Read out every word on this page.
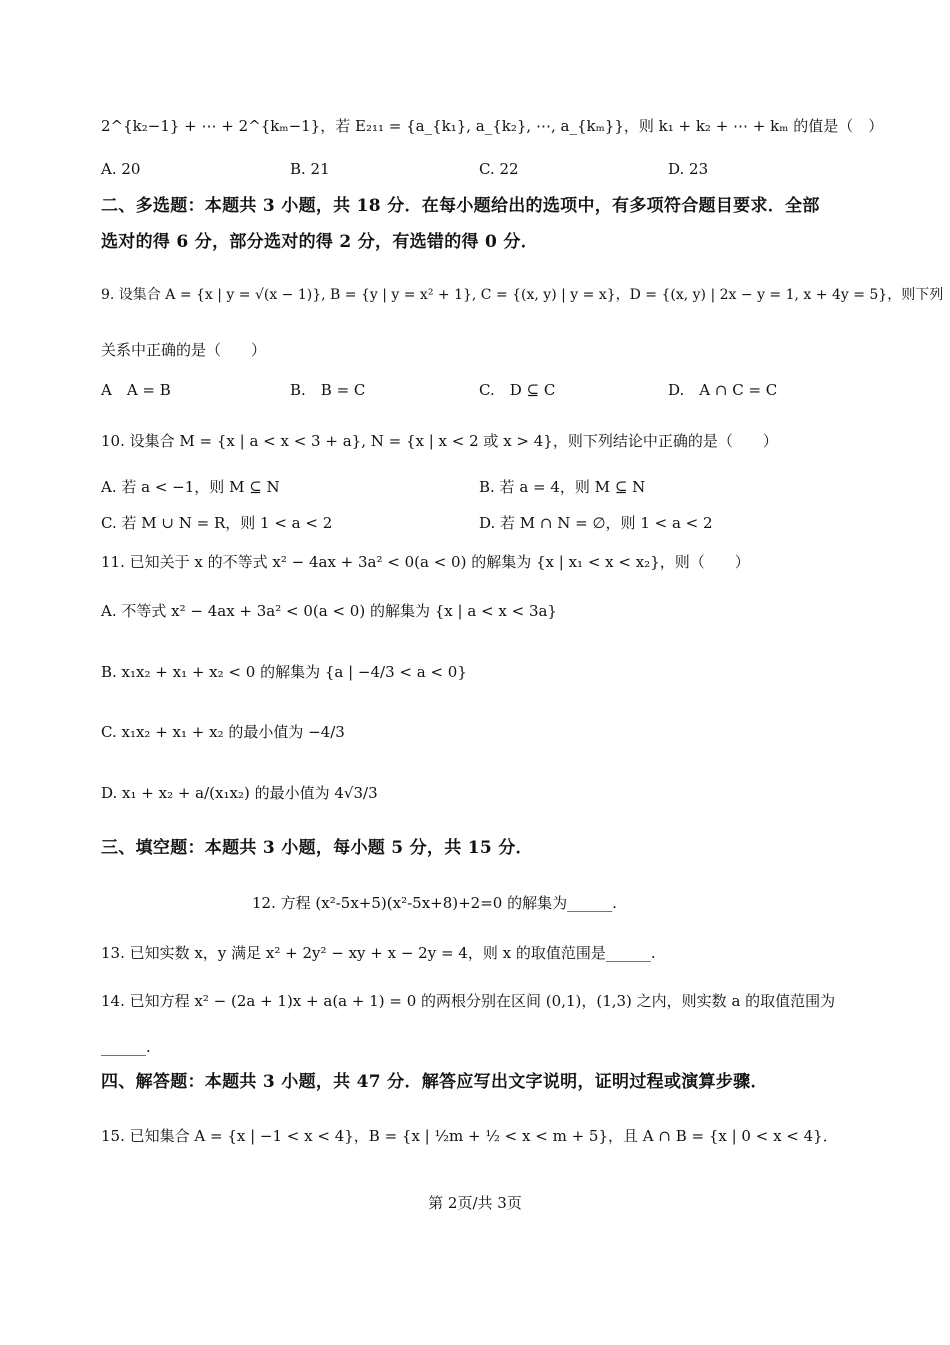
2^{k₂−1} + ⋯ + 2^{kₘ−1}，若 E₂₁₁ = {a_{k₁}, a_{k₂}, ⋯, a_{kₘ}}，则 k₁ + k₂ + ⋯ + kₘ 的值是（　）
A. 20	B. 21	C. 22	D. 23
二、多选题：本题共 3 小题，共 18 分．在每小题给出的选项中，有多项符合题目要求．全部
选对的得 6 分，部分选对的得 2 分，有选错的得 0 分．
9. 设集合 A = {x | y = √(x − 1)}, B = {y | y = x² + 1}, C = {(x, y) | y = x}，D = {(x, y) | 2x − y = 1, x + 4y = 5}，则下列
关系中正确的是（　　）
A　A = B	B.　B = C	C.　D ⊆ C	D.　A ∩ C = C
10. 设集合 M = {x | a < x < 3 + a}, N = {x | x < 2 或 x > 4}，则下列结论中正确的是（　　）
A. 若 a < −1，则 M ⊆ N	B. 若 a = 4，则 M ⊆ N
C. 若 M ∪ N = R，则 1 < a < 2	D. 若 M ∩ N = ∅，则 1 < a < 2
11. 已知关于 x 的不等式 x² − 4ax + 3a² < 0(a < 0) 的解集为 {x | x₁ < x < x₂}，则（　　）
A. 不等式 x² − 4ax + 3a² < 0(a < 0) 的解集为 {x | a < x < 3a}
B. x₁x₂ + x₁ + x₂ < 0 的解集为 {a | −4/3 < a < 0}
C. x₁x₂ + x₁ + x₂ 的最小值为 −4/3
D. x₁ + x₂ + a/(x₁x₂) 的最小值为 4√3/3
三、填空题：本题共 3 小题，每小题 5 分，共 15 分．
12. 方程 (x²-5x+5)(x²-5x+8)+2=0 的解集为______.
13. 已知实数 x，y 满足 x² + 2y² − xy + x − 2y = 4，则 x 的取值范围是______.
14. 已知方程 x² − (2a + 1)x + a(a + 1) = 0 的两根分别在区间 (0,1)，(1,3) 之内，则实数 a 的取值范围为
______.
四、解答题：本题共 3 小题，共 47 分．解答应写出文字说明，证明过程或演算步骤．
15. 已知集合 A = {x | −1 < x < 4}，B = {x | ½m + ½ < x < m + 5}，且 A ∩ B = {x | 0 < x < 4}．
第 2页/共 3页
